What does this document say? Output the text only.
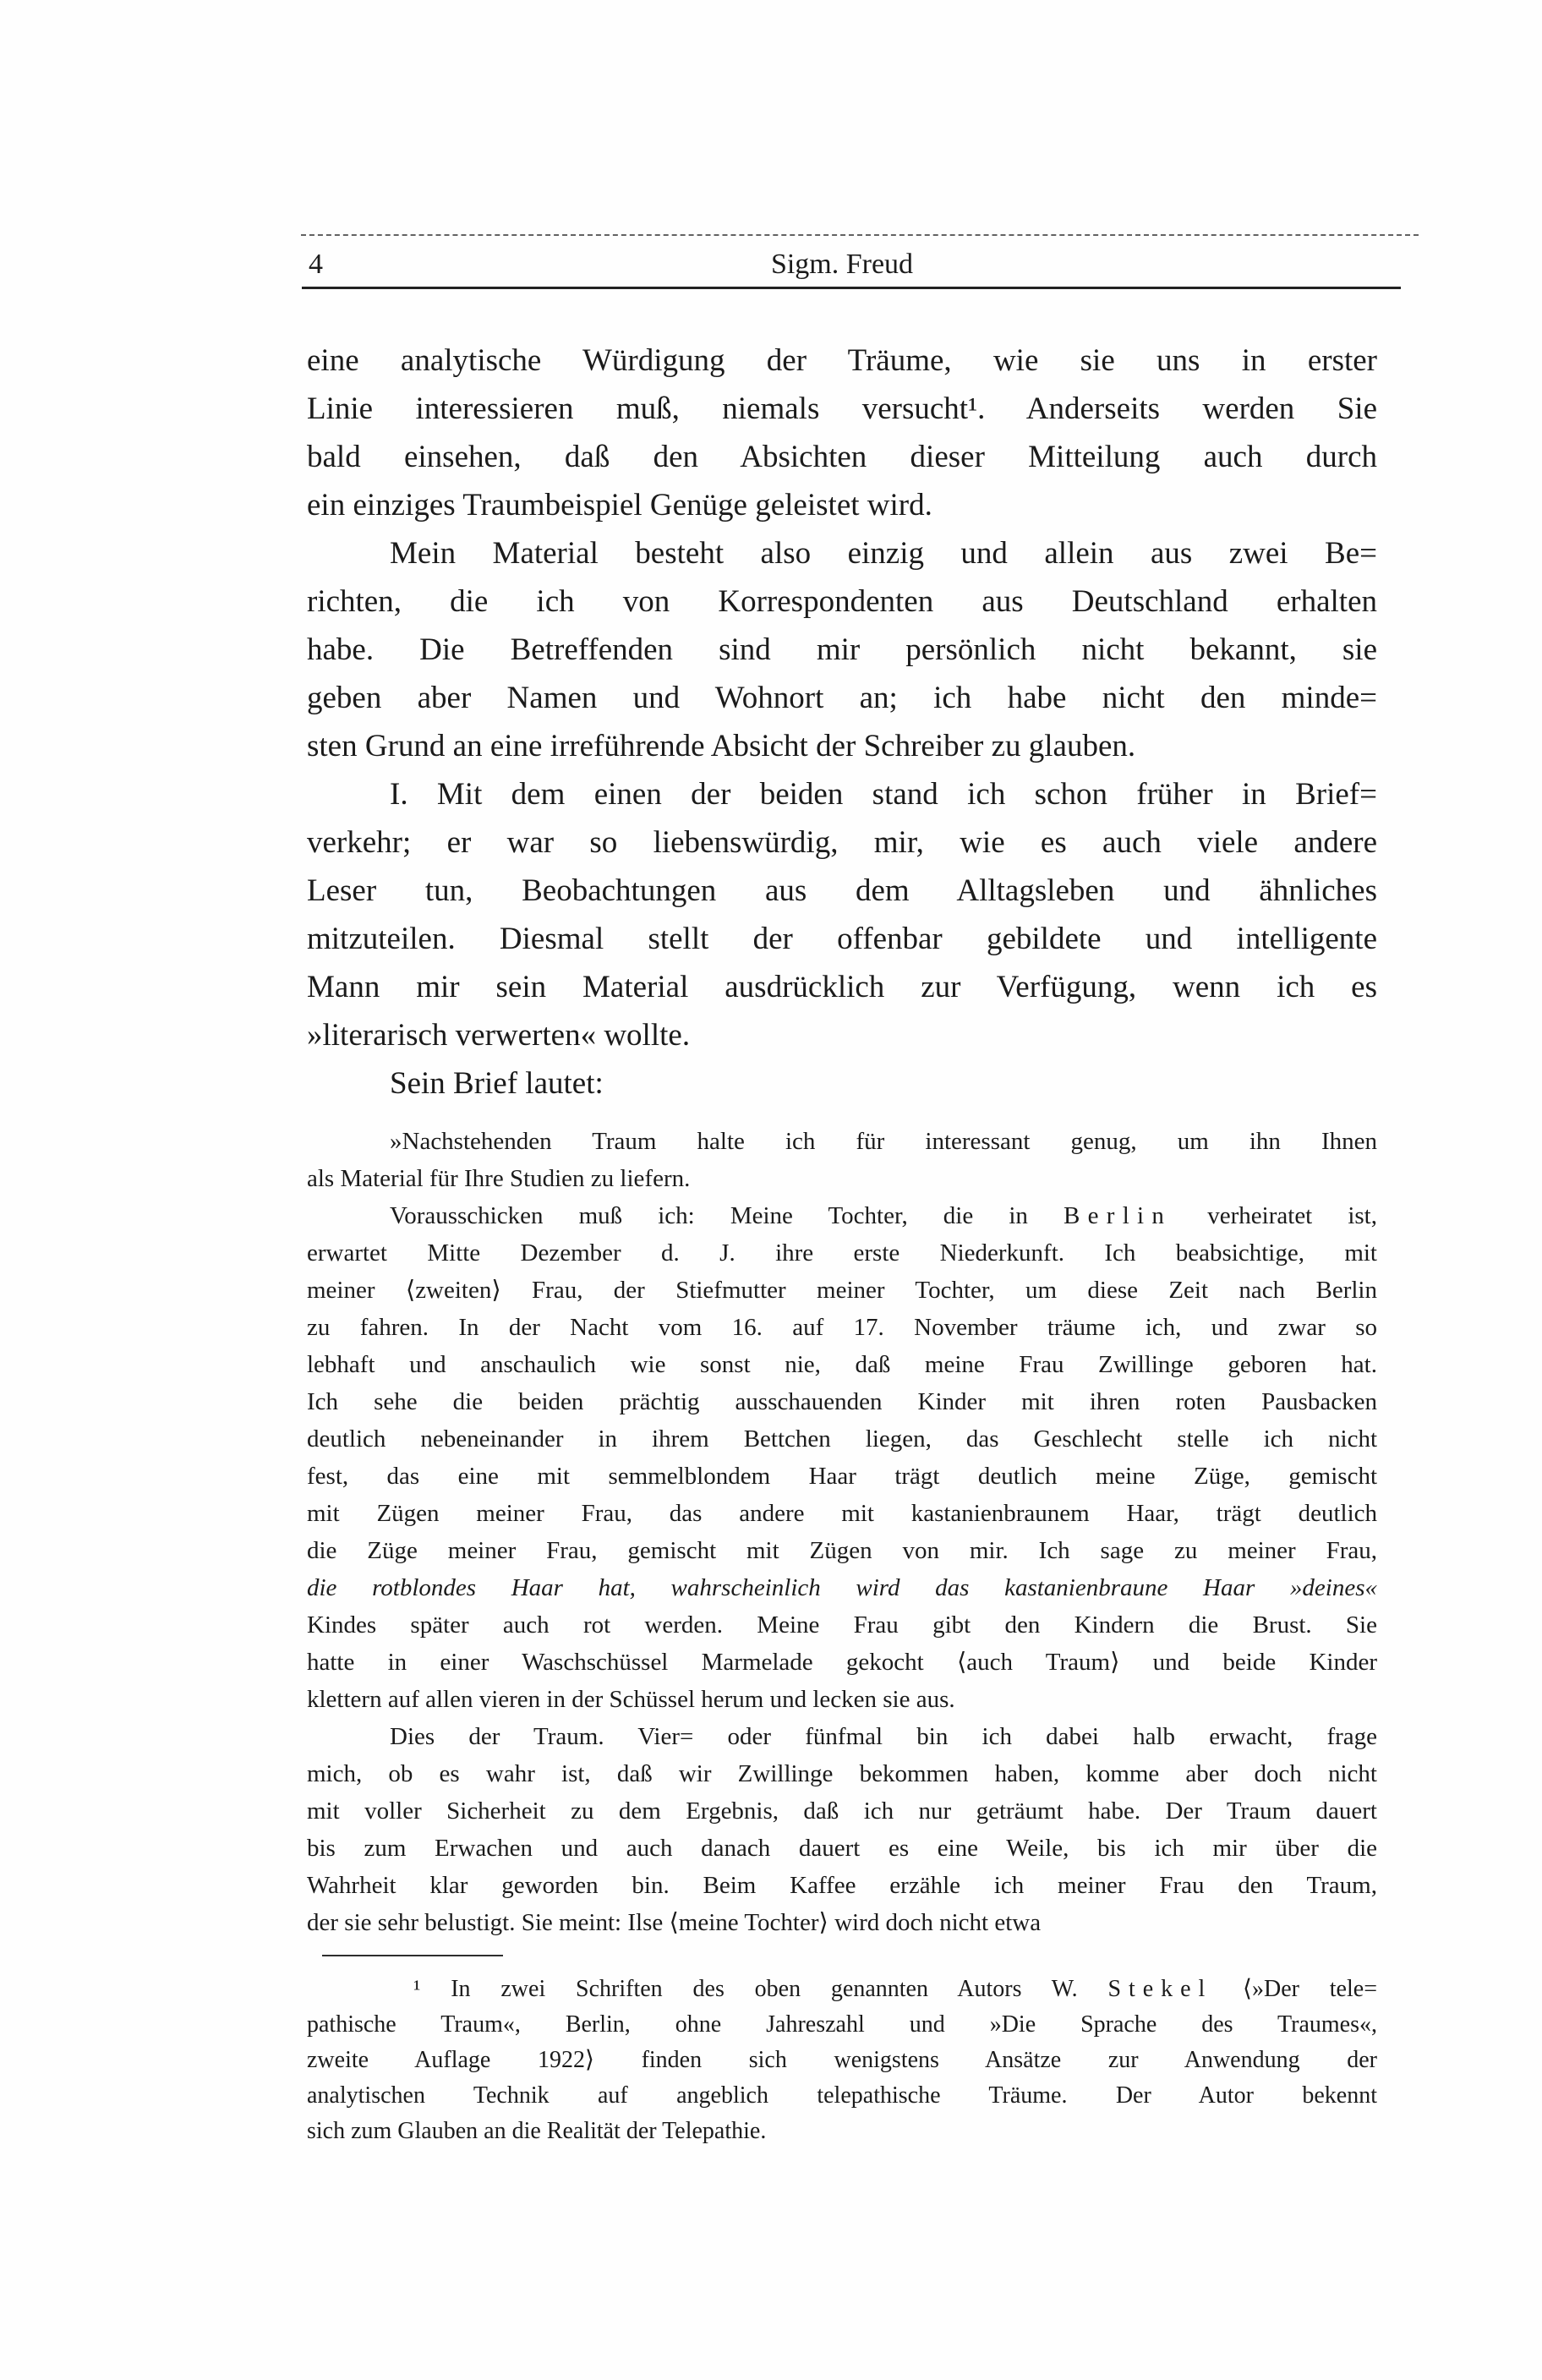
4	Sigm. Freud
eine analytische Würdigung der Träume, wie sie uns in erster
Linie interessieren muß, niemals versucht¹. Anderseits werden Sie
bald einsehen, daß den Absichten dieser Mitteilung auch durch
ein einziges Traumbeispiel Genüge geleistet wird.
Mein Material besteht also einzig und allein aus zwei Be=
richten, die ich von Korrespondenten aus Deutschland erhalten
habe. Die Betreffenden sind mir persönlich nicht bekannt, sie
geben aber Namen und Wohnort an; ich habe nicht den minde=
sten Grund an eine irreführende Absicht der Schreiber zu glauben.
I. Mit dem einen der beiden stand ich schon früher in Brief=
verkehr; er war so liebenswürdig, mir, wie es auch viele andere
Leser tun, Beobachtungen aus dem Alltagsleben und ähnliches
mitzuteilen. Diesmal stellt der offenbar gebildete und intelligente
Mann mir sein Material ausdrücklich zur Verfügung, wenn ich es
»literarisch verwerten« wollte.
Sein Brief lautet:
»Nachstehenden Traum halte ich für interessant genug, um ihn Ihnen
als Material für Ihre Studien zu liefern.
Vorausschicken muß ich: Meine Tochter, die in Berlin verheiratet ist,
erwartet Mitte Dezember d. J. ihre erste Niederkunft. Ich beabsichtige, mit
meiner ⟨zweiten⟩ Frau, der Stiefmutter meiner Tochter, um diese Zeit nach Berlin
zu fahren. In der Nacht vom 16. auf 17. November träume ich, und zwar so
lebhaft und anschaulich wie sonst nie, daß meine Frau Zwillinge geboren hat.
Ich sehe die beiden prächtig ausschauenden Kinder mit ihren roten Pausbacken
deutlich nebeneinander in ihrem Bettchen liegen, das Geschlecht stelle ich nicht
fest, das eine mit semmelblondem Haar trägt deutlich meine Züge, gemischt
mit Zügen meiner Frau, das andere mit kastanienbraunem Haar, trägt deutlich
die Züge meiner Frau, gemischt mit Zügen von mir. Ich sage zu meiner Frau,
die rotblondes Haar hat, wahrscheinlich wird das kastanienbraune Haar »deines«
Kindes später auch rot werden. Meine Frau gibt den Kindern die Brust. Sie
hatte in einer Waschschüssel Marmelade gekocht ⟨auch Traum⟩ und beide Kinder
klettern auf allen vieren in der Schüssel herum und lecken sie aus.
Dies der Traum. Vier= oder fünfmal bin ich dabei halb erwacht, frage
mich, ob es wahr ist, daß wir Zwillinge bekommen haben, komme aber doch nicht
mit voller Sicherheit zu dem Ergebnis, daß ich nur geträumt habe. Der Traum dauert
bis zum Erwachen und auch danach dauert es eine Weile, bis ich mir über die
Wahrheit klar geworden bin. Beim Kaffee erzähle ich meiner Frau den Traum,
der sie sehr belustigt. Sie meint: Ilse ⟨meine Tochter⟩ wird doch nicht etwa
¹ In zwei Schriften des oben genannten Autors W. Stekel ⟨»Der tele=
pathische Traum«, Berlin, ohne Jahreszahl und »Die Sprache des Traumes«,
zweite Auflage 1922⟩ finden sich wenigstens Ansätze zur Anwendung der
analytischen Technik auf angeblich telepathische Träume. Der Autor bekennt
sich zum Glauben an die Realität der Telepathie.
